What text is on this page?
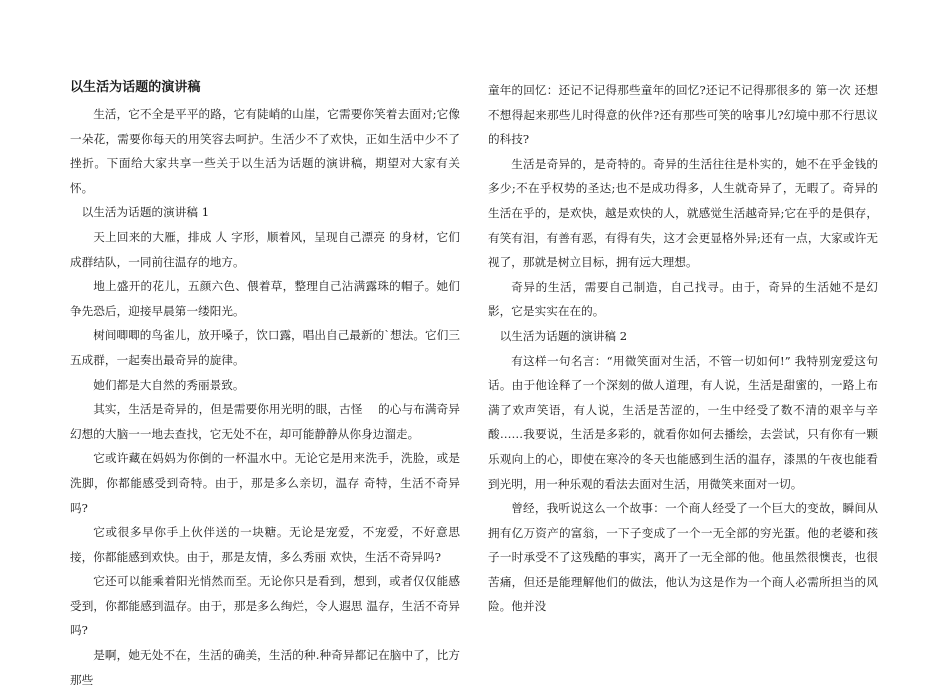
以生活为话题的演讲稿

生活，它不全是平平的路，它有陡峭的山崖，它需要你笑着去面对;它像一朵花，需要你每天的用笑容去呵护。生活少不了欢快，正如生活中少不了挫折。下面给大家共享一些关于以生活为话题的演讲稿，期望对大家有关怀。

以生活为话题的演讲稿 1

天上回来的大雁，排成 人 字形，顺着风，呈现自己漂亮 的身材，它们成群结队，一同前往温存的地方。

地上盛开的花儿，五颜六色、偎着草，整理自己沾满露珠的帽子。她们争先恐后，迎接早晨第一缕阳光。

树间唧唧的鸟雀儿，放开嗓子，饮口露，唱出自己最新的`想法。它们三五成群，一起奏出最奇异的旋律。

她们都是大自然的秀丽景致。

其实，生活是奇异的，但是需要你用光明的眼，古怪　 的心与布满奇异幻想的大脑一一地去查找，它无处不在，却可能静静从你身边溜走。

它或许藏在妈妈为你倒的一杯温水中。无论它是用来洗手，洗脸，或是洗脚，你都能感受到奇特。由于，那是多么亲切，温存 奇特，生活不奇异吗?

它或很多早你手上伙伴送的一块糖。无论是宠爱，不宠爱，不好意思接，你都能感到欢快。由于，那是友情，多么秀丽 欢快，生活不奇异吗?

它还可以能乘着阳光悄然而至。无论你只是看到，想到，或者仅仅能感受到，你都能感到温存。由于，那是多么绚烂，令人遐思 温存，生活不奇异吗?

是啊，她无处不在，生活的确美，生活的种.种奇异都记在脑中了，比方那些

童年的回忆：还记不记得那些童年的回忆?还记不记得那很多的 第一次 还想不想得起来那些儿时得意的伙伴?还有那些可笑的啥事儿?幻境中那不行思议的科技?

生活是奇异的，是奇特的。奇异的生活往往是朴实的，她不在乎金钱的多少;不在乎权势的圣达;也不是成功得多，人生就奇异了，无暇了。奇异的生活在乎的，是欢快，越是欢快的人，就感觉生活越奇异;它在乎的是俱存，有笑有泪，有善有恶，有得有失，这才会更显格外异;还有一点，大家或许无视了，那就是树立目标，拥有远大理想。

奇异的生活，需要自己制造，自己找寻。由于，奇异的生活她不是幻影，它是实实在在的。

以生活为话题的演讲稿 2

有这样一句名言：“用微笑面对生活，不管一切如何!” 我特别宠爱这句话。由于他诠释了一个深刻的做人道理，有人说，生活是甜蜜的，一路上布满了欢声笑语，有人说，生活是苦涩的，一生中经受了数不清的艰辛与辛酸……我要说，生活是多彩的，就看你如何去播绘，去尝试，只有你有一颗乐观向上的心，即使在寒冷的冬天也能感到生活的温存，漆黑的午夜也能看到光明，用一种乐观的看法去面对生活，用微笑来面对一切。

曾经，我听说这么一个故事：一个商人经受了一个巨大的变故，瞬间从拥有亿万资产的富翁，一下子变成了一个一无全部的穷光蛋。他的老婆和孩子一时承受不了这残酷的事实，离开了一无全部的他。他虽然很懊丧，也很苦痛，但还是能理解他们的做法，他认为这是作为一个商人必需所担当的风险。他并没
